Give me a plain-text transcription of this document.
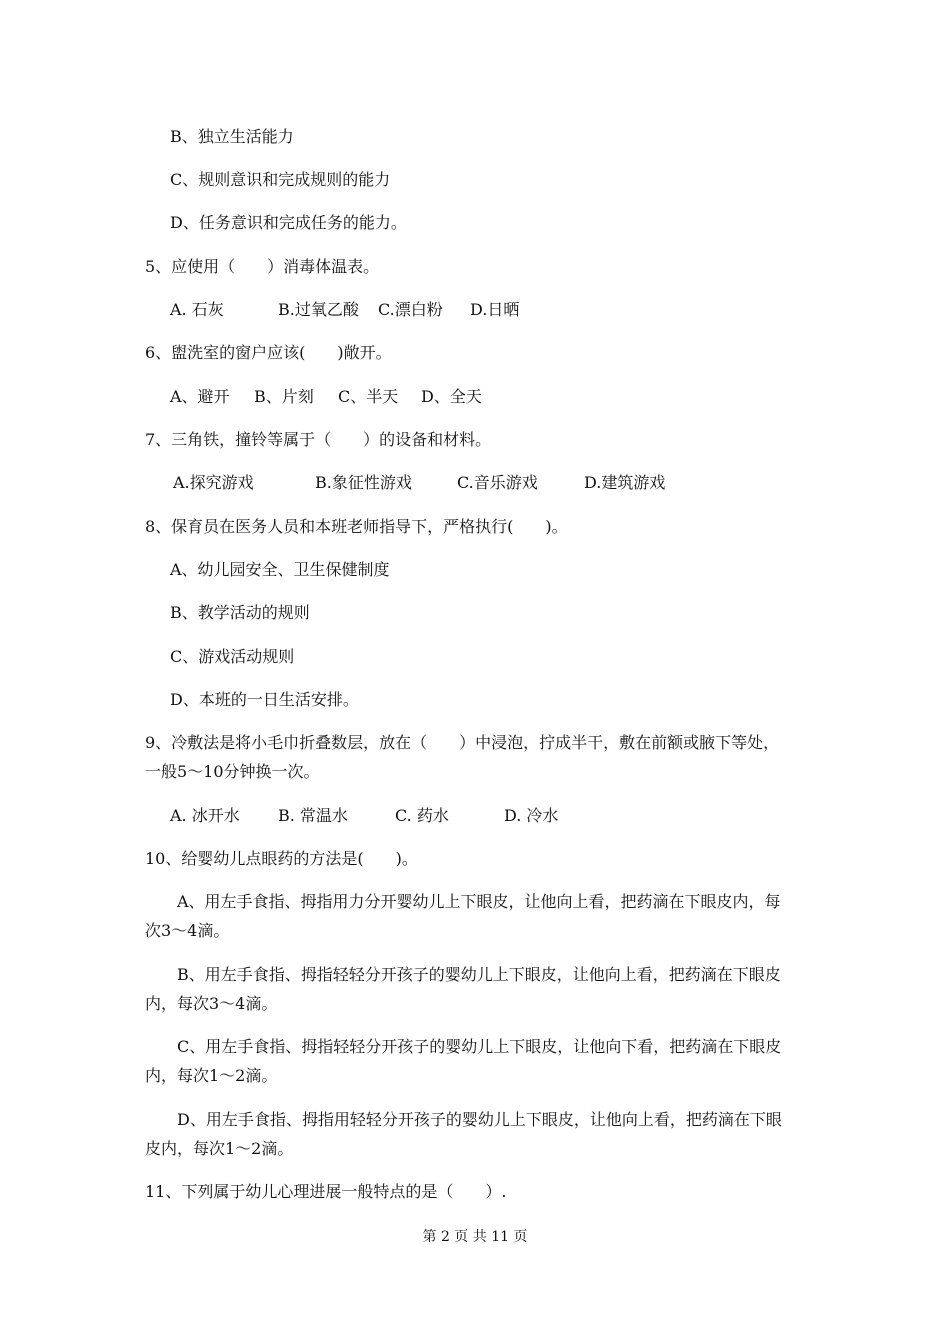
B、独立生活能力
C、规则意识和完成规则的能力
D、任务意识和完成任务的能力。
5、应使用（　　）消毒体温表。
A. 石灰	B.过氧乙酸 C.漂白粉 D.日晒
6、盥洗室的窗户应该(　　)敞开。
A、避开 B、片刻 C、半天 D、全天
7、三角铁，撞铃等属于（　　）的设备和材料。
A.探究游戏	B.象征性游戏	C.音乐游戏	D.建筑游戏
8、保育员在医务人员和本班老师指导下，严格执行(　　)。
A、幼儿园安全、卫生保健制度
B、教学活动的规则
C、游戏活动规则
D、本班的一日生活安排。
9、冷敷法是将小毛巾折叠数层，放在（　　）中浸泡，拧成半干，敷在前额或腋下等处，
一般5～10分钟换一次。
A. 冰开水 B. 常温水	C. 药水	D. 冷水
10、给婴幼儿点眼药的方法是(　　)。
A、用左手食指、拇指用力分开婴幼儿上下眼皮，让他向上看，把药滴在下眼皮内，每
次3～4滴。
B、用左手食指、拇指轻轻分开孩子的婴幼儿上下眼皮，让他向上看，把药滴在下眼皮
内，每次3～4滴。
C、用左手食指、拇指轻轻分开孩子的婴幼儿上下眼皮，让他向下看，把药滴在下眼皮
内，每次1～2滴。
D、用左手食指、拇指用轻轻分开孩子的婴幼儿上下眼皮，让他向上看，把药滴在下眼
皮内，每次1～2滴。
11、下列属于幼儿心理进展一般特点的是（　　）.
第 2 页 共 11 页
